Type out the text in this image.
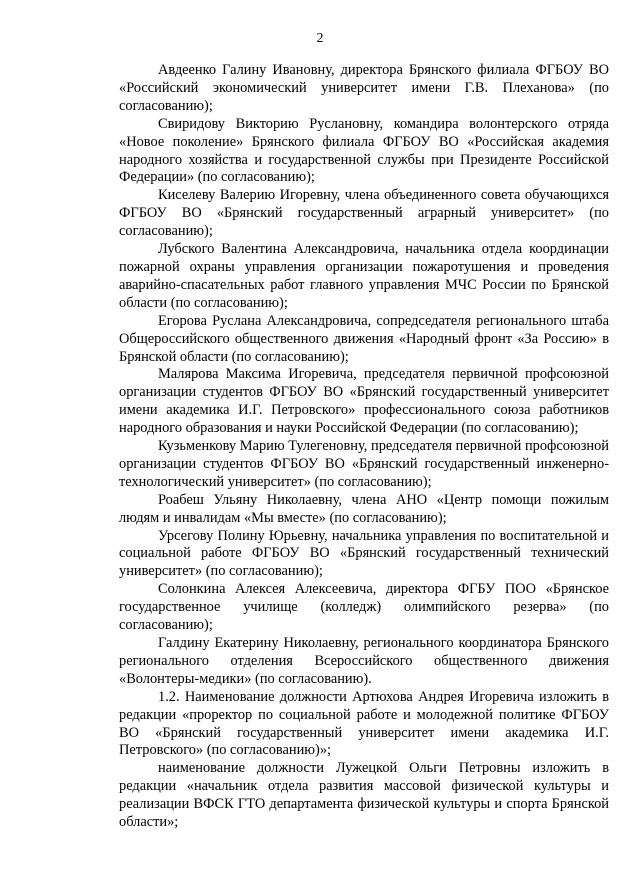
2

Авдеенко Галину Ивановну, директора Брянского филиала ФГБОУ ВО «Российский экономический университет имени Г.В. Плеханова» (по согласованию);

Свиридову Викторию Руслановну, командира волонтерского отряда «Новое поколение» Брянского филиала ФГБОУ ВО «Российская академия народного хозяйства и государственной службы при Президенте Российской Федерации» (по согласованию);

Киселеву Валерию Игоревну, члена объединенного совета обучающихся ФГБОУ ВО «Брянский государственный аграрный университет» (по согласованию);

Лубского Валентина Александровича, начальника отдела координации пожарной охраны управления организации пожаротушения и проведения аварийно-спасательных работ главного управления МЧС России по Брянской области (по согласованию);

Егорова Руслана Александровича, сопредседателя регионального штаба Общероссийского общественного движения «Народный фронт «За Россию» в Брянской области (по согласованию);

Малярова Максима Игоревича, председателя первичной профсоюзной организации студентов ФГБОУ ВО «Брянский государственный университет имени академика И.Г. Петровского» профессионального союза работников народного образования и науки Российской Федерации (по согласованию);

Кузьменкову Марию Тулегеновну, председателя первичной профсоюзной организации студентов ФГБОУ ВО «Брянский государственный инженерно-технологический университет» (по согласованию);

Роабеш Ульяну Николаевну, члена АНО «Центр помощи пожилым людям и инвалидам «Мы вместе» (по согласованию);

Урсегову Полину Юрьевну, начальника управления по воспитательной и социальной работе ФГБОУ ВО «Брянский государственный технический университет» (по согласованию);

Солонкина Алексея Алексеевича, директора ФГБУ ПОО «Брянское государственное училище (колледж) олимпийского резерва» (по согласованию);

Галдину Екатерину Николаевну, регионального координатора Брянского регионального отделения Всероссийского общественного движения «Волонтеры-медики» (по согласованию).

1.2. Наименование должности Артюхова Андрея Игоревича изложить в редакции «проректор по социальной работе и молодежной политике ФГБОУ ВО «Брянский государственный университет имени академика И.Г. Петровского» (по согласованию)»;

наименование должности Лужецкой Ольги Петровны изложить в редакции «начальник отдела развития массовой физической культуры и реализации ВФСК ГТО департамента физической культуры и спорта Брянской области»;
